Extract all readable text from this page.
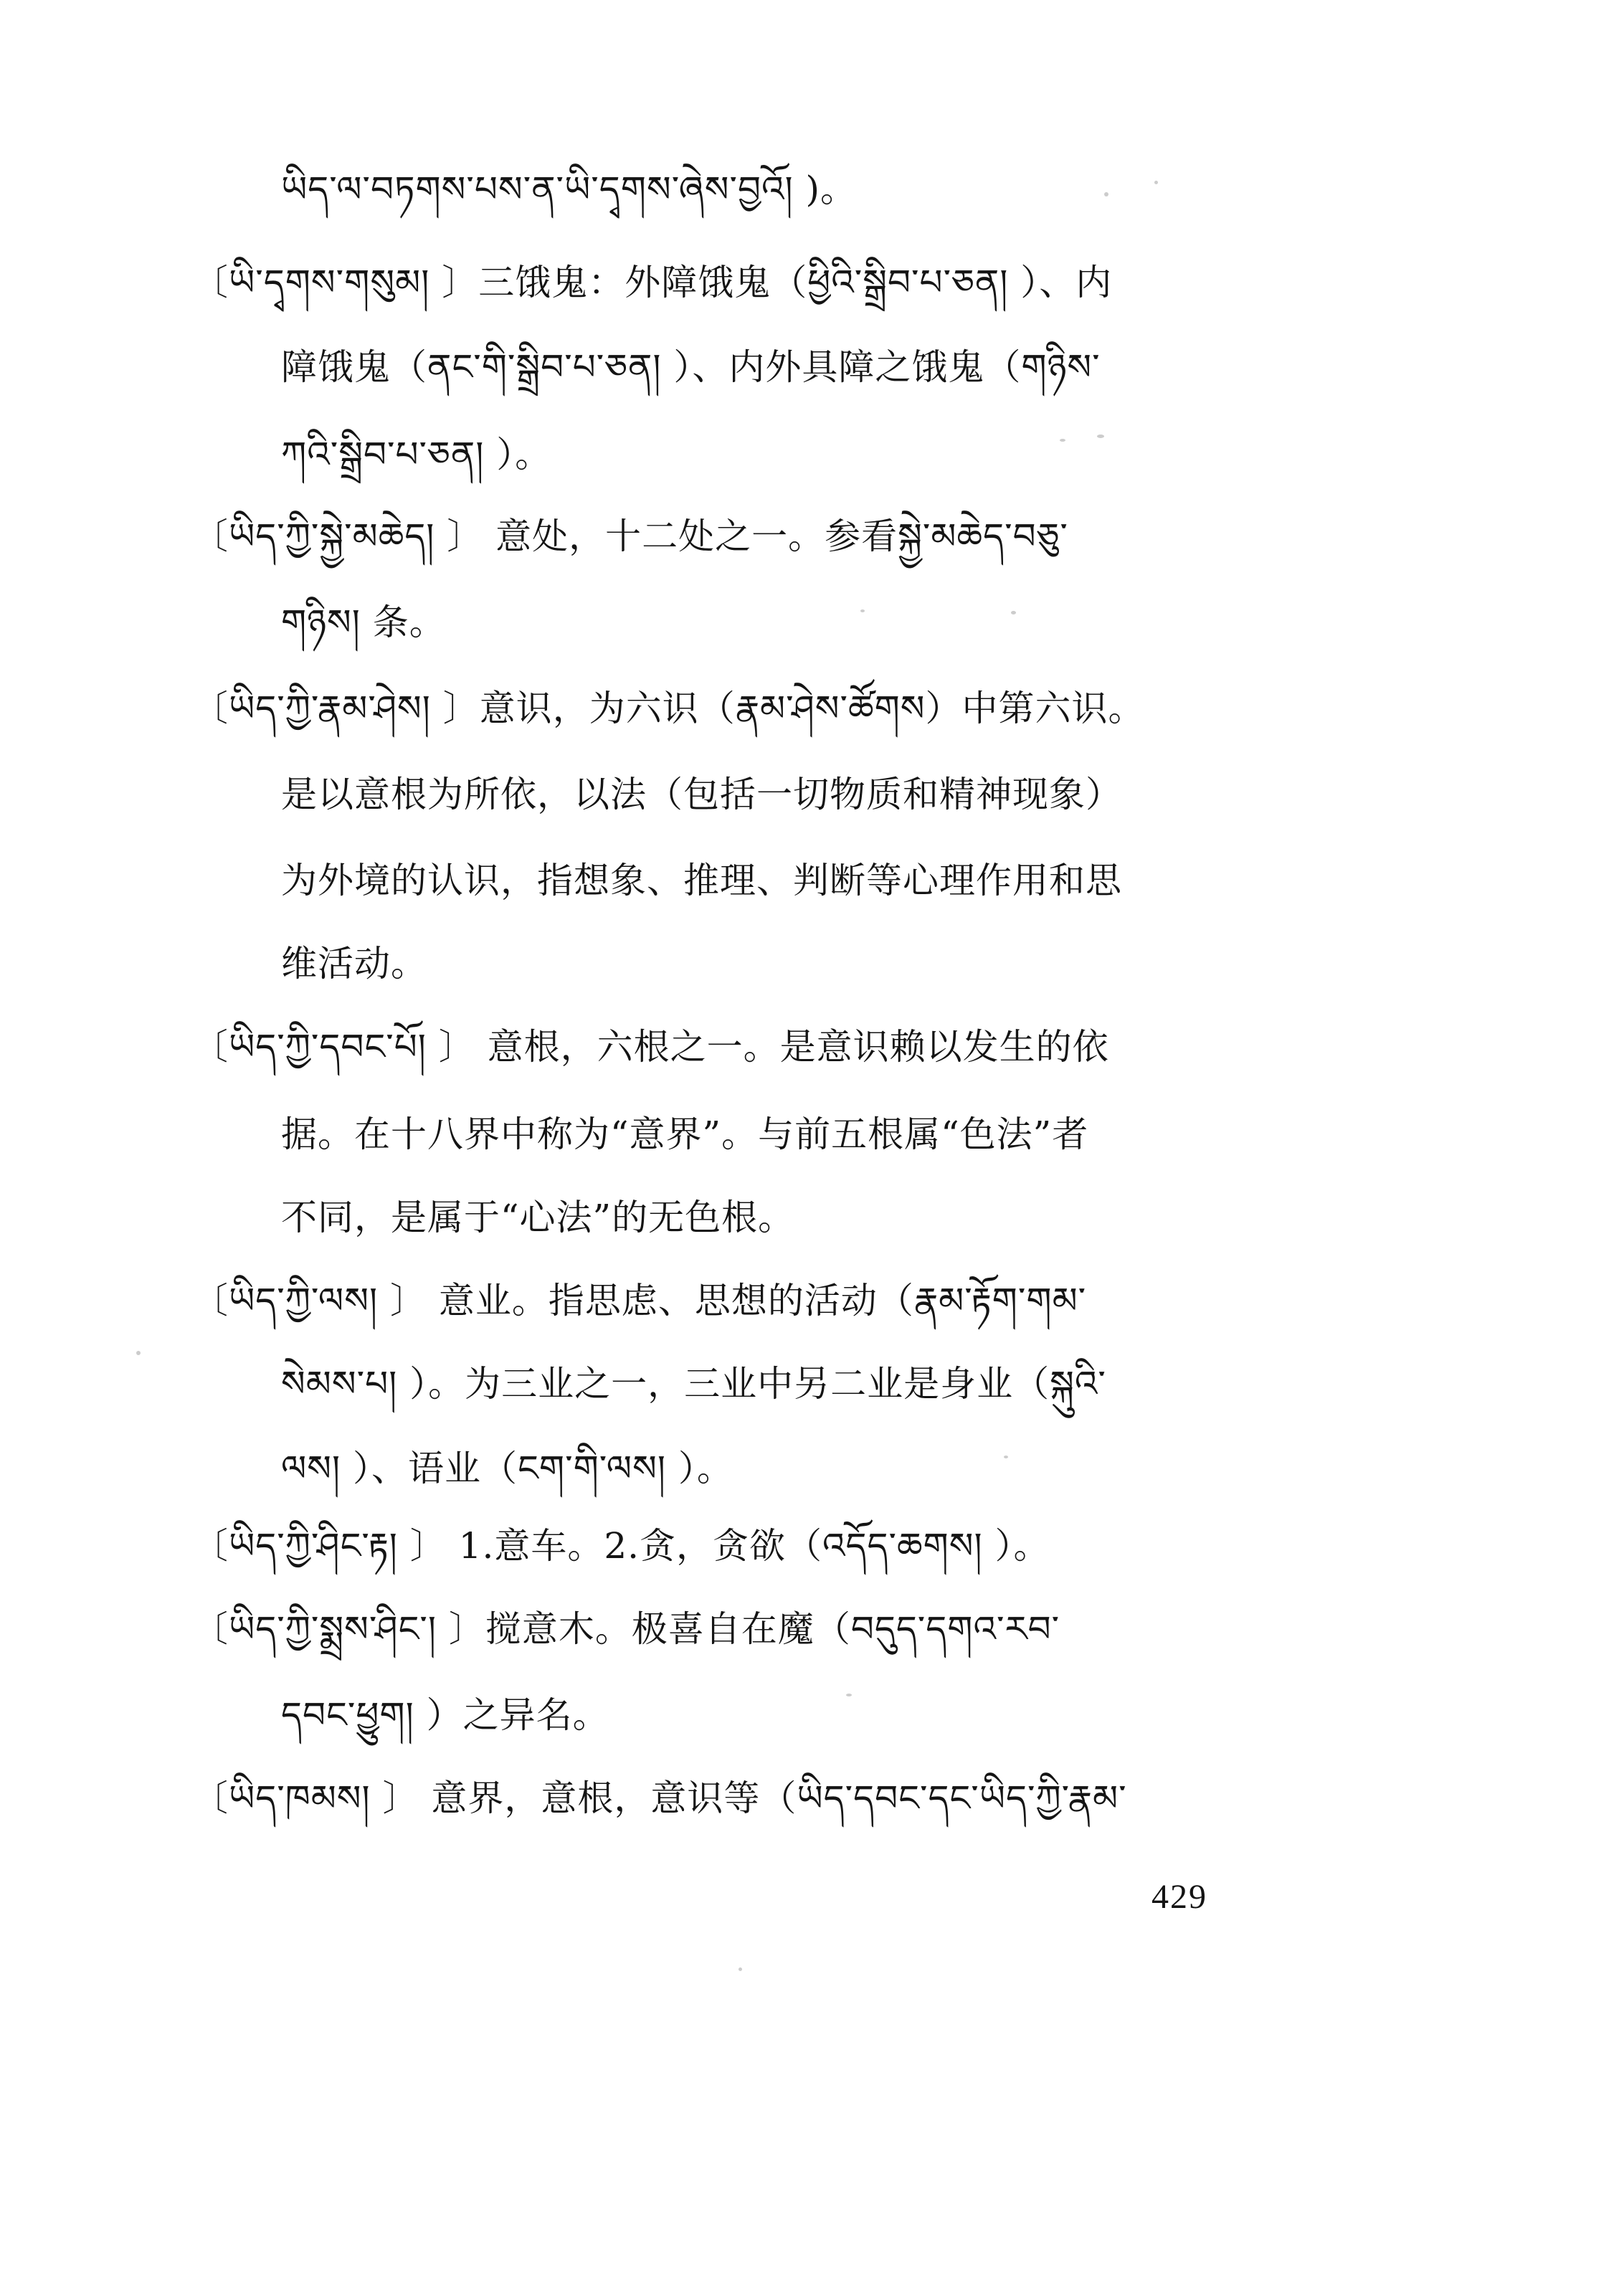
ཡིད་ལ་བཏགས་པས་ན་ཡི་དྭགས་ཞེས་བྱའོ། )。
〔ཡི་དྭགས་གསུམ། 〕三饿鬼：外障饿鬼（ཕྱིའི་སྒྲིབ་པ་ཅན། ）、内
障饿鬼（ནང་གི་སྒྲིབ་པ་ཅན། ）、内外具障之饿鬼（གཉིས་
ཀའི་སྒྲིབ་པ་ཅན། ）。
〔ཡིད་ཀྱི་སྐྱེ་མཆེད། 〕 意处，十二处之一。参看སྐྱེ་མཆེད་བཅུ་
གཉིས། 条。
〔ཡིད་ཀྱི་རྣམ་ཤེས། 〕意识，为六识（རྣམ་ཤེས་ཚོགས）中第六识。
是以意根为所依，以法（包括一切物质和精神现象）
为外境的认识，指想象、推理、判断等心理作用和思
维活动。
〔ཡིད་ཀྱི་དབང་པོ། 〕 意根，六根之一。是意识赖以发生的依
据。在十八界中称为“意界”。与前五根属“色法”者
不同，是属于“心法”的无色根。
〔ཡིད་ཀྱི་ལས། 〕 意业。指思虑、思想的活动（རྣམ་རྟོག་གམ་
སེམས་པ། ）。为三业之一，三业中另二业是身业（སྐུའི་
ལས། ）、语业（ངག་གི་ལས། ）。
〔ཡིད་ཀྱི་ཤིང་རྟ། 〕 1.意车。2.贪，贪欲（འདོད་ཆགས། ）。
〔ཡིད་ཀྱི་སྨྲས་ཤིང་། 〕搅意木。极喜自在魔（བདུད་དགའ་རབ་
དབང་ཕྱུག། ）之异名。
〔ཡིད་ཁམས། 〕 意界，意根，意识等（ཡིད་དབང་དང་ཡིད་ཀྱི་རྣམ་
429
